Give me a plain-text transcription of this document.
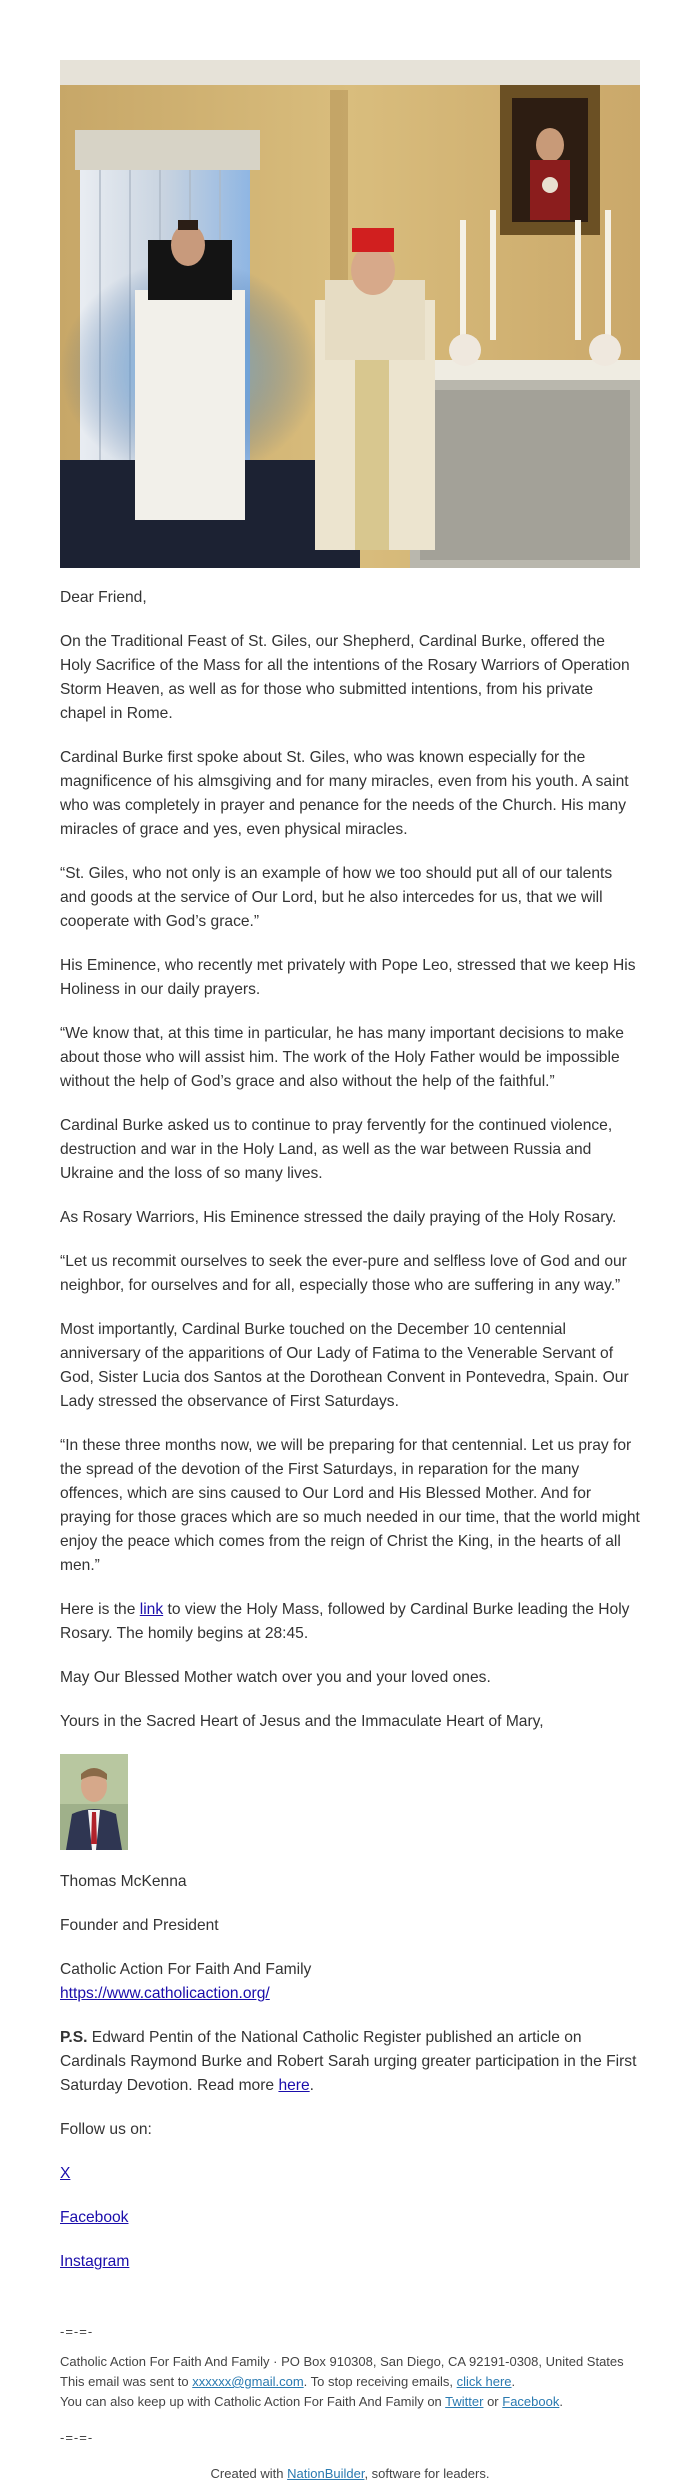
Dear Friend,

On the Traditional Feast of St. Giles, our Shepherd, Cardinal Burke, offered the Holy Sacrifice of the Mass for all the intentions of the Rosary Warriors of Operation Storm Heaven, as well as for those who submitted intentions, from his private chapel in Rome.

Cardinal Burke first spoke about St. Giles, who was known especially for the magnificence of his almsgiving and for many miracles, even from his youth. A saint who was completely in prayer and penance for the needs of the Church. His many miracles of grace and yes, even physical miracles.

“St. Giles, who not only is an example of how we too should put all of our talents and goods at the service of Our Lord, but he also intercedes for us, that we will cooperate with God’s grace.”

His Eminence, who recently met privately with Pope Leo, stressed that we keep His Holiness in our daily prayers.

“We know that, at this time in particular, he has many important decisions to make about those who will assist him. The work of the Holy Father would be impossible without the help of God’s grace and also without the help of the faithful.”

Cardinal Burke asked us to continue to pray fervently for the continued violence, destruction and war in the Holy Land, as well as the war between Russia and Ukraine and the loss of so many lives.

As Rosary Warriors, His Eminence stressed the daily praying of the Holy Rosary.

“Let us recommit ourselves to seek the ever-pure and selfless love of God and our neighbor, for ourselves and for all, especially those who are suffering in any way.”

Most importantly, Cardinal Burke touched on the December 10 centennial anniversary of the apparitions of Our Lady of Fatima to the Venerable Servant of God, Sister Lucia dos Santos at the Dorothean Convent in Pontevedra, Spain. Our Lady stressed the observance of First Saturdays.

“In these three months now, we will be preparing for that centennial. Let us pray for the spread of the devotion of the First Saturdays, in reparation for the many offences, which are sins caused to Our Lord and His Blessed Mother. And for praying for those graces which are so much needed in our time, that the world might enjoy the peace which comes from the reign of Christ the King, in the hearts of all men.”

Here is the link to view the Holy Mass, followed by Cardinal Burke leading the Holy Rosary. The homily begins at 28:45.

May Our Blessed Mother watch over you and your loved ones.

Yours in the Sacred Heart of Jesus and the Immaculate Heart of Mary,

Thomas McKenna

Founder and President

Catholic Action For Faith And Family
https://www.catholicaction.org/

P.S. Edward Pentin of the National Catholic Register published an article on Cardinals Raymond Burke and Robert Sarah urging greater participation in the First Saturday Devotion. Read more here.

Follow us on:

X

Facebook

Instagram

-=-=-

Catholic Action For Faith And Family · PO Box 910308, San Diego, CA 92191-0308, United States

This email was sent to xxxxxx@gmail.com. To stop receiving emails, click here.

You can also keep up with Catholic Action For Faith And Family on Twitter or Facebook.

-=-=-

Created with NationBuilder, software for leaders.
